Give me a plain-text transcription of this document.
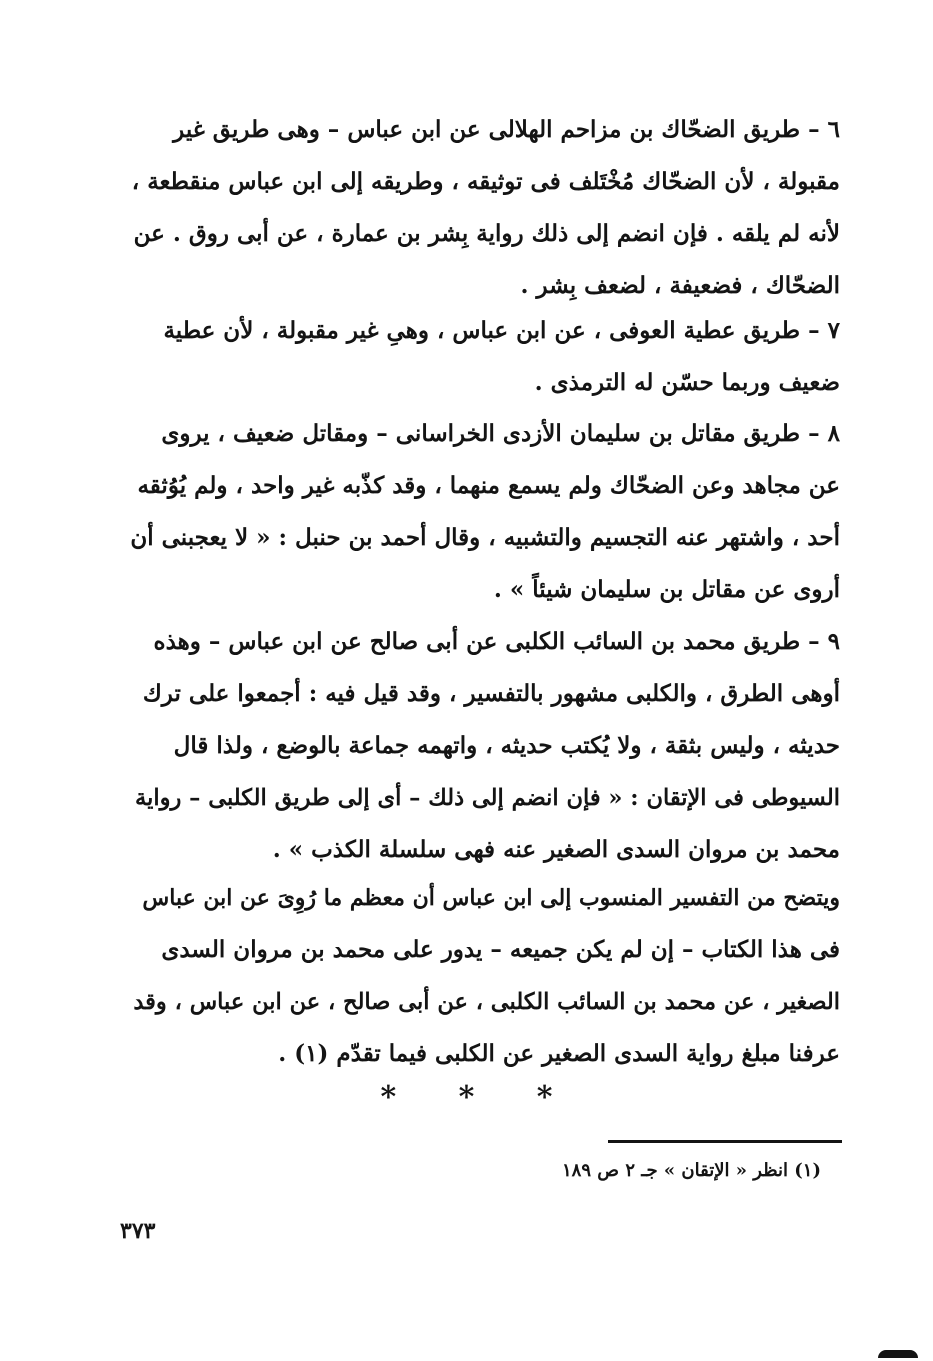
٦ – طريق الضحّاك بن مزاحم الهلالى عن ابن عباس – وهى طريق غير
مقبولة ، لأن الضحّاك مُخْتَلف فى توثيقه ، وطريقه إلى ابن عباس منقطعة ،
لأنه لم يلقه . فإن انضم إلى ذلك رواية بِشر بن عمارة ، عن أبى روق . عن
الضحّاك ، فضعيفة ، لضعف بِشر .
٧ – طريق عطية العوفى ، عن ابن عباس ، وهىِ غير مقبولة ، لأن عطية
ضعيف وربما حسّن له الترمذى .
٨ – طريق مقاتل بن سليمان الأزدى الخراسانى – ومقاتل ضعيف ، يروى
عن مجاهد وعن الضحّاك ولم يسمع منهما ، وقد كذّبه غير واحد ، ولم يُوُثقه
أحد ، واشتهر عنه التجسيم والتشبيه ، وقال أحمد بن حنبل : « لا يعجبنى أن
أروى عن مقاتل بن سليمان شيئاً » .
٩ – طريق محمد بن السائب الكلبى عن أبى صالح عن ابن عباس – وهذه
أوهى الطرق ، والكلبى مشهور بالتفسير ، وقد قيل فيه : أجمعوا على ترك
حديثه ، وليس بثقة ، ولا يُكتب حديثه ، واتهمه جماعة بالوضع ، ولذا قال
السيوطى فى الإتقان : « فإن انضم إلى ذلك – أى إلى طريق الكلبى – رواية
محمد بن مروان السدى الصغير عنه فهى سلسلة الكذب » .
ويتضح من التفسير المنسوب إلى ابن عباس أن معظم ما رُوِىَ عن ابن عباس
فى هذا الكتاب – إن لم يكن جميعه – يدور على محمد بن مروان السدى
الصغير ، عن محمد بن السائب الكلبى ، عن أبى صالح ، عن ابن عباس ، وقد
عرفنا مبلغ رواية السدى الصغير عن الكلبى فيما تقدّم (١) .
* * *
(١) انظر « الإتقان » جـ ٢ ص ١٨٩
٣٧٣
